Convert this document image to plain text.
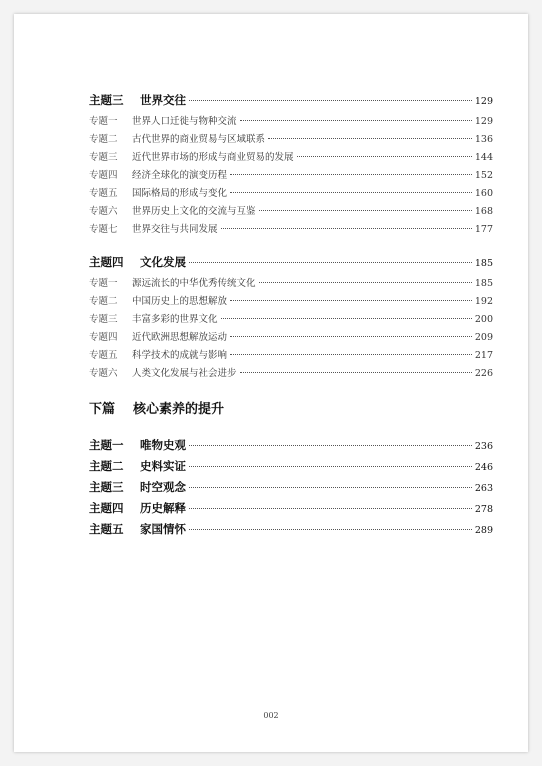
主题三	世界交往	129
专题一	世界人口迁徙与物种交流	129
专题二	古代世界的商业贸易与区域联系	136
专题三	近代世界市场的形成与商业贸易的发展	144
专题四	经济全球化的演变历程	152
专题五	国际格局的形成与变化	160
专题六	世界历史上文化的交流与互鉴	168
专题七	世界交往与共同发展	177
主题四	文化发展	185
专题一	源远流长的中华优秀传统文化	185
专题二	中国历史上的思想解放	192
专题三	丰富多彩的世界文化	200
专题四	近代欧洲思想解放运动	209
专题五	科学技术的成就与影响	217
专题六	人类文化发展与社会进步	226
下篇 核心素养的提升
主题一	唯物史观	236
主题二	史料实证	246
主题三	时空观念	263
主题四	历史解释	278
主题五	家国情怀	289
002
